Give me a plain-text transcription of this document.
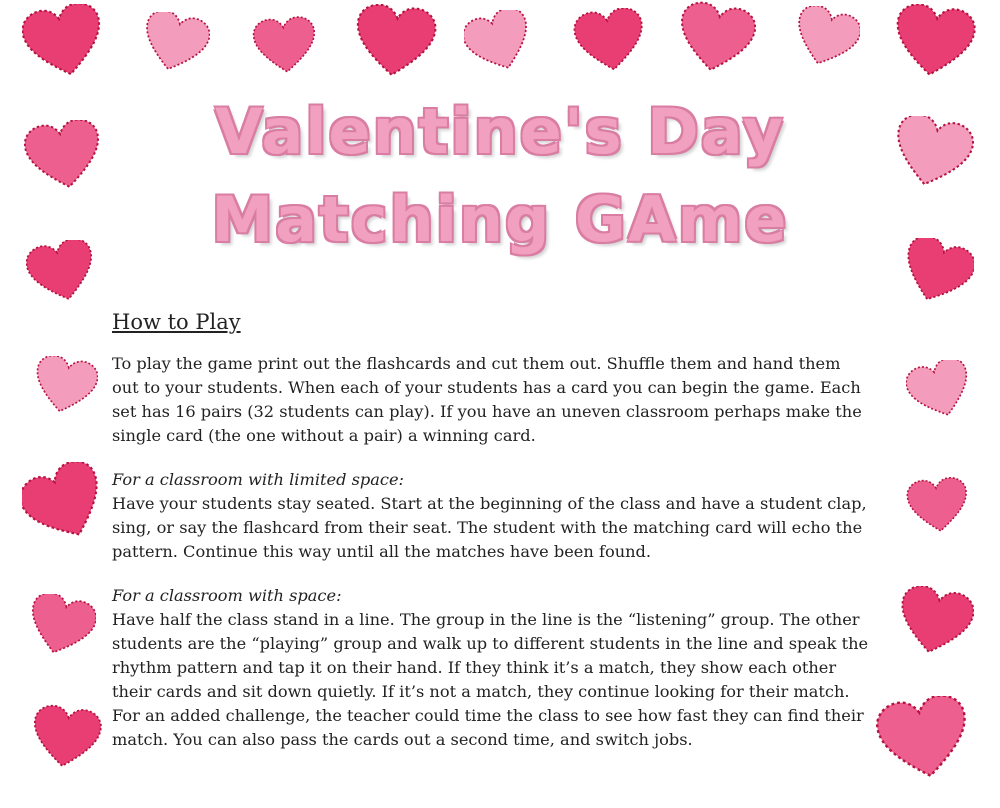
Valentine's Day
Matching GAme
How to Play

To play the game print out the flashcards and cut them out. Shuffle them and hand them out to your students. When each of your students has a card you can begin the game. Each set has 16 pairs (32 students can play). If you have an uneven classroom perhaps make the single card (the one without a pair) a winning card.

For a classroom with limited space:
Have your students stay seated. Start at the beginning of the class and have a student clap, sing, or say the flashcard from their seat. The student with the matching card will echo the pattern. Continue this way until all the matches have been found.
For a classroom with space:
Have half the class stand in a line. The group in the line is the “listening” group. The other students are the “playing” group and walk up to different students in the line and speak the rhythm pattern and tap it on their hand. If they think it’s a match, they show each other their cards and sit down quietly. If it’s not a match, they continue looking for their match. For an added challenge, the teacher could time the class to see how fast they can find their match. You can also pass the cards out a second time, and switch jobs.
